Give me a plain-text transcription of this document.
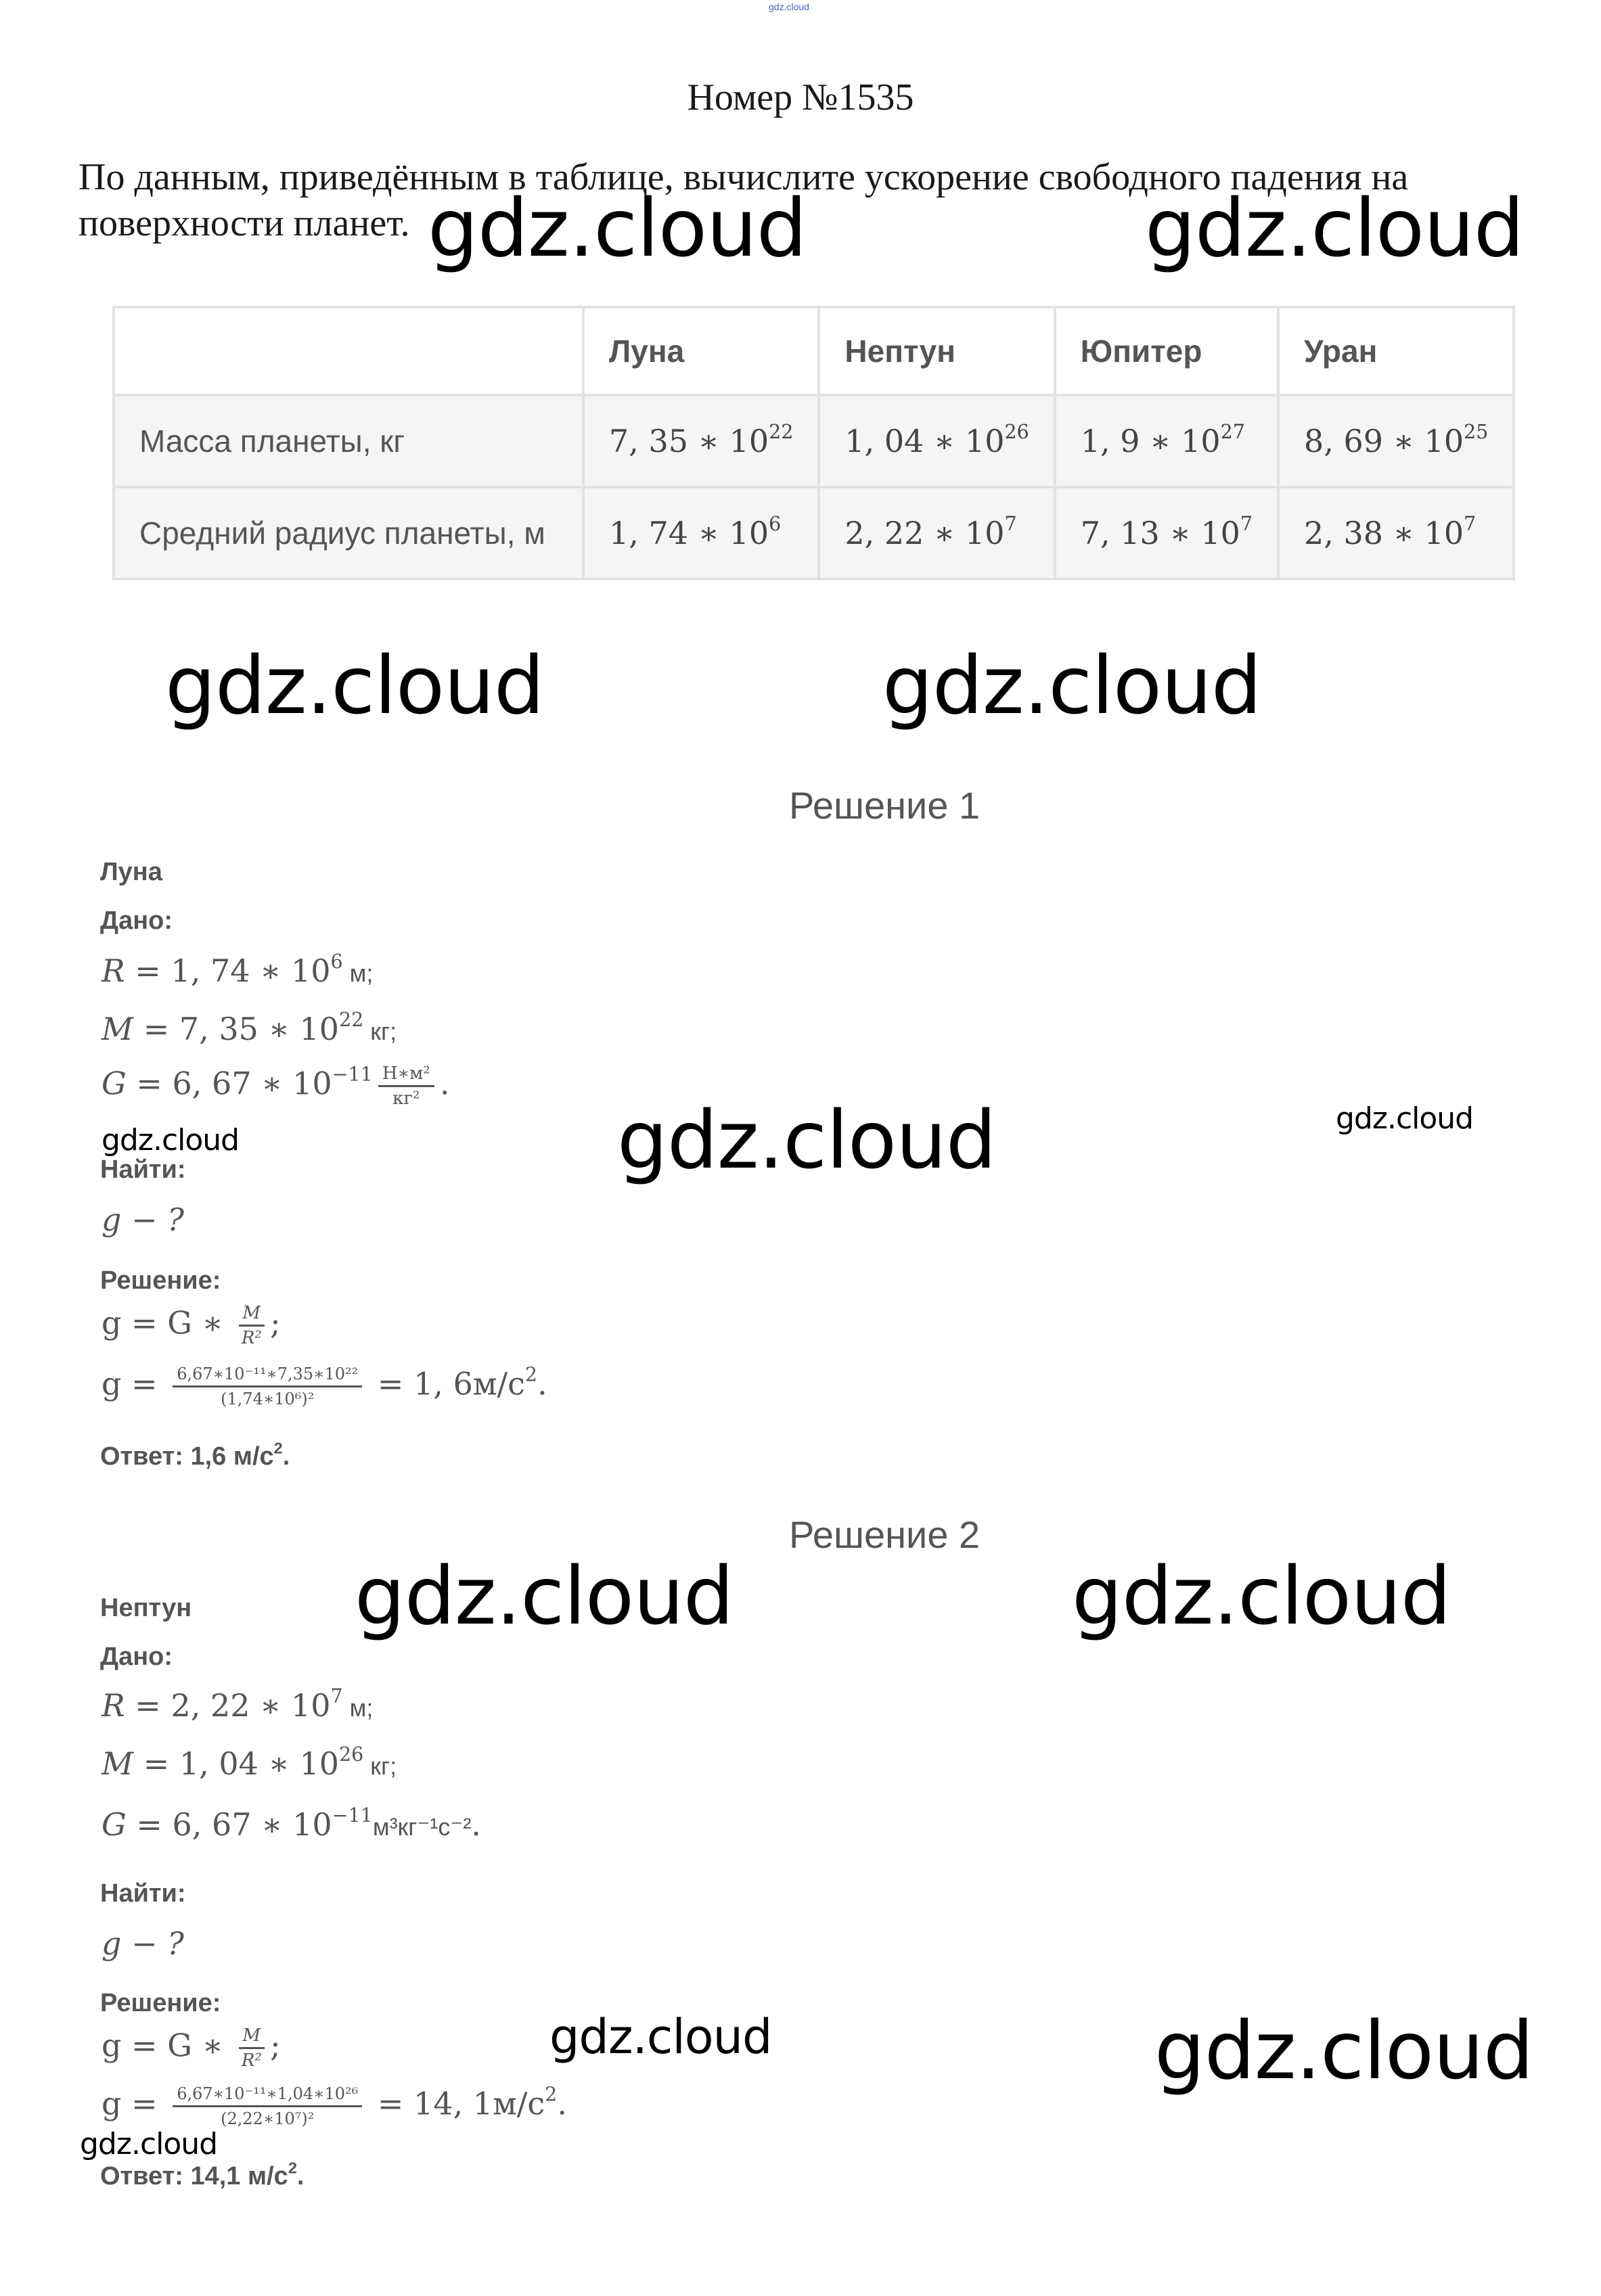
gdz.cloud
Номер №1535
По данным, приведённым в таблице, вычислите ускорение свободного падения на поверхности планет.
	Луна	Нептун	Юпитер	Уран
Масса планеты, кг	7, 35 ∗ $10^{22}$	1, 04 ∗ $10^{26}$	1, 9 ∗ $10^{27}$	8, 69 ∗ $10^{25}$
Средний радиус планеты, м	1, 74 ∗ $10^6$	2, 22 ∗ $10^7$	7, 13 ∗ $10^7$	2, 38 ∗ $10^7$
Решение 1
Луна
Дано:
R = 1, 74 ∗ $10^6$ м;
M = 7, 35 ∗ $10^{22}$ кг;
G = 6, 67 ∗ $10^{-11} \frac{\text{Н∗м²}}{\text{кг²}}$ .
Найти:
g − ?
Решение:
g = G ∗ $\frac{M}{\text{R²}}$ ;
$g = \frac{\text{6,67∗10⁻¹¹∗7,35∗10²²}}{\text{(1,74∗10⁶)²}} = 1$, $6м/с^2$.
Ответ: 1,6 $м/с^2$.
Решение 2
Нептун
Дано:
R = 2, 22 ∗ $10^7$ м;
M = 1, 04 ∗ $10^{26}$ кг;
G = 6, 67 ∗ $10^{-11}м^3кг^{-1}с^{-2}$.
Найти:
g − ?
Решение:
g = G ∗ $\frac{M}{\text{R²}}$ ;
$g = \frac{\text{6,67∗10⁻¹¹∗1,04∗10²⁶}}{\text{(2,22∗10⁷)²}} = 14$, $1м/с^2$.
Ответ: 14,1 $м/с^2$.
gdz.cloud	gdz.cloud
gdz.cloud	gdz.cloud
gdz.cloud
gdz.cloud
gdz.cloud
gdz.cloud	gdz.cloud
gdz.cloud	gdz.cloud
gdz.cloud
